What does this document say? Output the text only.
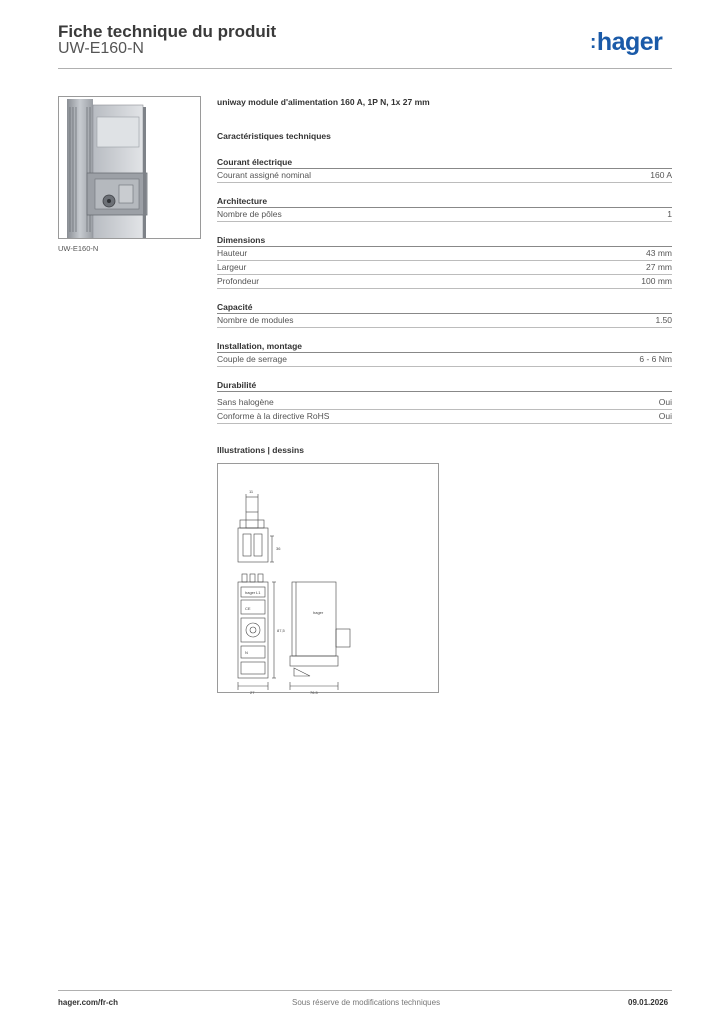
Fiche technique du produit
UW-E160-N	:hager
UW-E160-N
uniway module d'alimentation 160 A, 1P N, 1x 27 mm
Caractéristiques techniques
Courant électrique
Courant assigné nominal	160 A
Architecture
Nombre de pôles	1
Dimensions
Hauteur	43 mm
Largeur	27 mm
Profondeur	100 mm
Capacité
Nombre de modules	1.50
Installation, montage
Couple de serrage	6 - 6 Nm
Durabilité
Sans halogène	Oui
Conforme à la directive RoHS	Oui
Illustrations | dessins
11
36
87,5
27	76,5
hager L1
CE
N
hager
hager.com/fr-ch	Sous réserve de modifications techniques	09.01.2026
